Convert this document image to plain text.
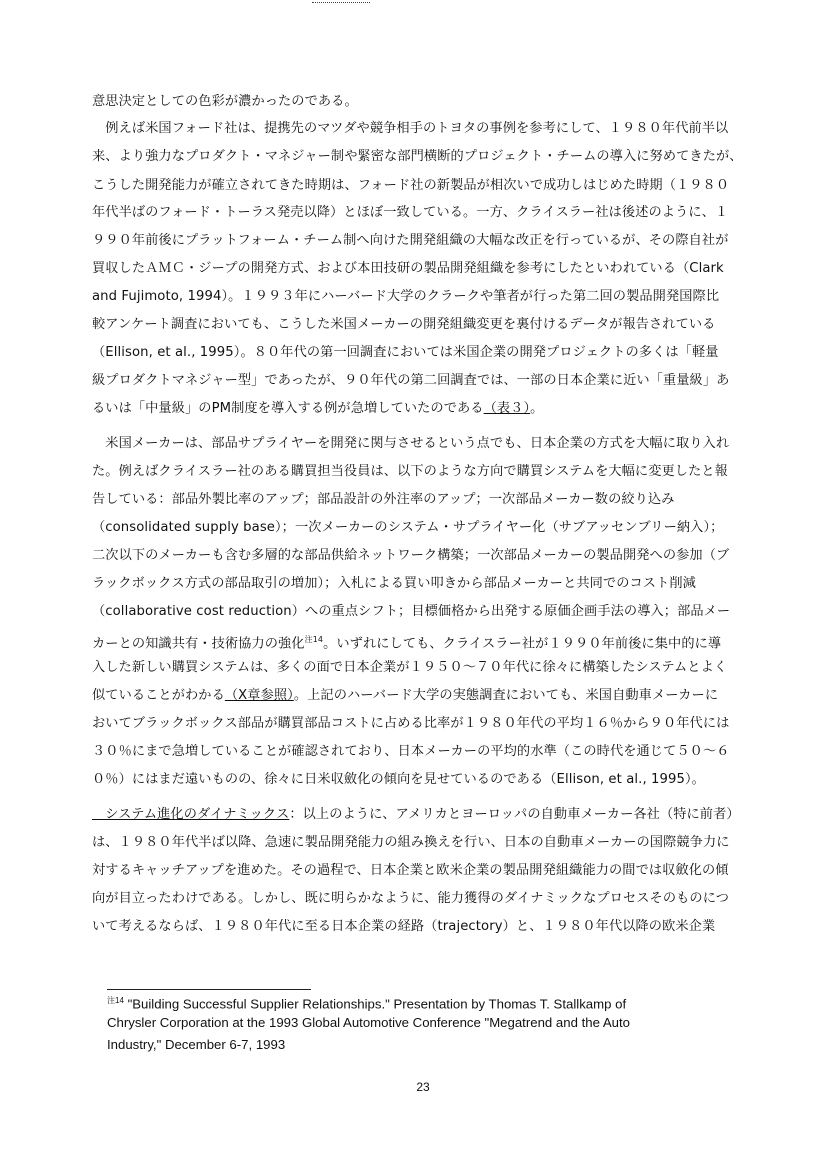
意思決定としての色彩が濃かったのである。
　例えば米国フォード社は、提携先のマツダや競争相手のトヨタの事例を参考にして、１９８０年代前半以
来、より強力なプロダクト・マネジャー制や緊密な部門横断的プロジェクト・チームの導入に努めてきたが、
こうした開発能力が確立されてきた時期は、フォード社の新製品が相次いで成功しはじめた時期（１９８０
年代半ばのフォード・トーラス発売以降）とほぼ一致している。一方、クライスラー社は後述のように、１
９９０年前後にプラットフォーム・チーム制へ向けた開発組織の大幅な改正を行っているが、その際自社が
買収したＡＭＣ・ジープの開発方式、および本田技研の製品開発組織を参考にしたといわれている（Clark
and Fujimoto, 1994）。１９９３年にハーバード大学のクラークや筆者が行った第二回の製品開発国際比
較アンケート調査においても、こうした米国メーカーの開発組織変更を裏付けるデータが報告されている
（Ellison, et al., 1995）。８０年代の第一回調査においては米国企業の開発プロジェクトの多くは「軽量
級プロダクトマネジャー型」であったが、９０年代の第二回調査では、一部の日本企業に近い「重量級」あ
るいは「中量級」のPM制度を導入する例が急増していたのである（表３）。
　米国メーカーは、部品サプライヤーを開発に関与させるという点でも、日本企業の方式を大幅に取り入れ
た。例えばクライスラー社のある購買担当役員は、以下のような方向で購買システムを大幅に変更したと報
告している：部品外製比率のアップ；部品設計の外注率のアップ；一次部品メーカー数の絞り込み
（consolidated supply base）；一次メーカーのシステム・サプライヤー化（サブアッセンブリー納入）；
二次以下のメーカーも含む多層的な部品供給ネットワーク構築；一次部品メーカーの製品開発への参加（ブ
ラックボックス方式の部品取引の増加）；入札による買い叩きから部品メーカーと共同でのコスト削減
（collaborative cost reduction）への重点シフト；目標価格から出発する原価企画手法の導入；部品メー
カーとの知識共有・技術協力の強化$^{注14}$。いずれにしても、クライスラー社が１９９０年前後に集中的に導
入した新しい購買システムは、多くの面で日本企業が１９５０～７０年代に徐々に構築したシステムとよく
似ていることがわかる（X章参照）。上記のハーバード大学の実態調査においても、米国自動車メーカーに
おいてブラックボックス部品が購買部品コストに占める比率が１９８０年代の平均１６％から９０年代には
３０％にまで急増していることが確認されており、日本メーカーの平均的水準（この時代を通じて５０～６
０％）にはまだ遠いものの、徐々に日米収斂化の傾向を見せているのである（Ellison, et al., 1995）。
　システム進化のダイナミックス：以上のように、アメリカとヨーロッパの自動車メーカー各社（特に前者）
は、１９８０年代半ば以降、急速に製品開発能力の組み換えを行い、日本の自動車メーカーの国際競争力に
対するキャッチアップを進めた。その過程で、日本企業と欧米企業の製品開発組織能力の間では収斂化の傾
向が目立ったわけである。しかし、既に明らかなように、能力獲得のダイナミックなプロセスそのものにつ
いて考えるならば、１９８０年代に至る日本企業の経路（trajectory）と、１９８０年代以降の欧米企業
$^{注14}$ "Building Successful Supplier Relationships." Presentation by Thomas T. Stallkamp of
Chrysler Corporation at the 1993 Global Automotive Conference "Megatrend and the Auto
Industry," December 6-7, 1993
23
